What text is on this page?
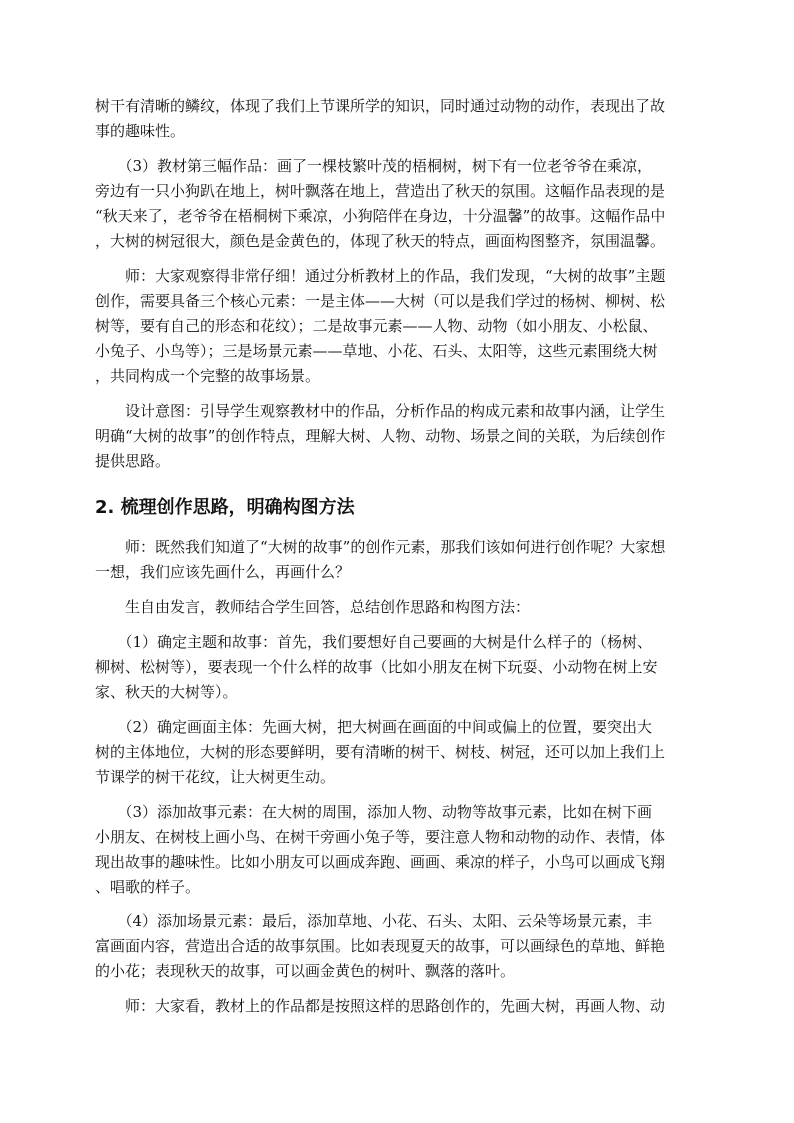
树干有清晰的鳞纹，体现了我们上节课所学的知识，同时通过动物的动作，表现出了故
事的趣味性。
　　（3）教材第三幅作品：画了一棵枝繁叶茂的梧桐树，树下有一位老爷爷在乘凉，
旁边有一只小狗趴在地上，树叶飘落在地上，营造出了秋天的氛围。这幅作品表现的是
“秋天来了，老爷爷在梧桐树下乘凉，小狗陪伴在身边，十分温馨”的故事。这幅作品中
，大树的树冠很大，颜色是金黄色的，体现了秋天的特点，画面构图整齐，氛围温馨。
　　师：大家观察得非常仔细！通过分析教材上的作品，我们发现，“大树的故事”主题
创作，需要具备三个核心元素：一是主体——大树（可以是我们学过的杨树、柳树、松
树等，要有自己的形态和花纹）；二是故事元素——人物、动物（如小朋友、小松鼠、
小兔子、小鸟等）；三是场景元素——草地、小花、石头、太阳等，这些元素围绕大树
，共同构成一个完整的故事场景。
　　设计意图：引导学生观察教材中的作品，分析作品的构成元素和故事内涵，让学生
明确“大树的故事”的创作特点，理解大树、人物、动物、场景之间的关联，为后续创作
提供思路。
2. 梳理创作思路，明确构图方法
　　师：既然我们知道了“大树的故事”的创作元素，那我们该如何进行创作呢？大家想
一想，我们应该先画什么，再画什么？
　　生自由发言，教师结合学生回答，总结创作思路和构图方法：
　　（1）确定主题和故事：首先，我们要想好自己要画的大树是什么样子的（杨树、
柳树、松树等），要表现一个什么样的故事（比如小朋友在树下玩耍、小动物在树上安
家、秋天的大树等）。
　　（2）确定画面主体：先画大树，把大树画在画面的中间或偏上的位置，要突出大
树的主体地位，大树的形态要鲜明，要有清晰的树干、树枝、树冠，还可以加上我们上
节课学的树干花纹，让大树更生动。
　　（3）添加故事元素：在大树的周围，添加人物、动物等故事元素，比如在树下画
小朋友、在树枝上画小鸟、在树干旁画小兔子等，要注意人物和动物的动作、表情，体
现出故事的趣味性。比如小朋友可以画成奔跑、画画、乘凉的样子，小鸟可以画成飞翔
、唱歌的样子。
　　（4）添加场景元素：最后，添加草地、小花、石头、太阳、云朵等场景元素，丰
富画面内容，营造出合适的故事氛围。比如表现夏天的故事，可以画绿色的草地、鲜艳
的小花；表现秋天的故事，可以画金黄色的树叶、飘落的落叶。
　　师：大家看，教材上的作品都是按照这样的思路创作的，先画大树，再画人物、动
